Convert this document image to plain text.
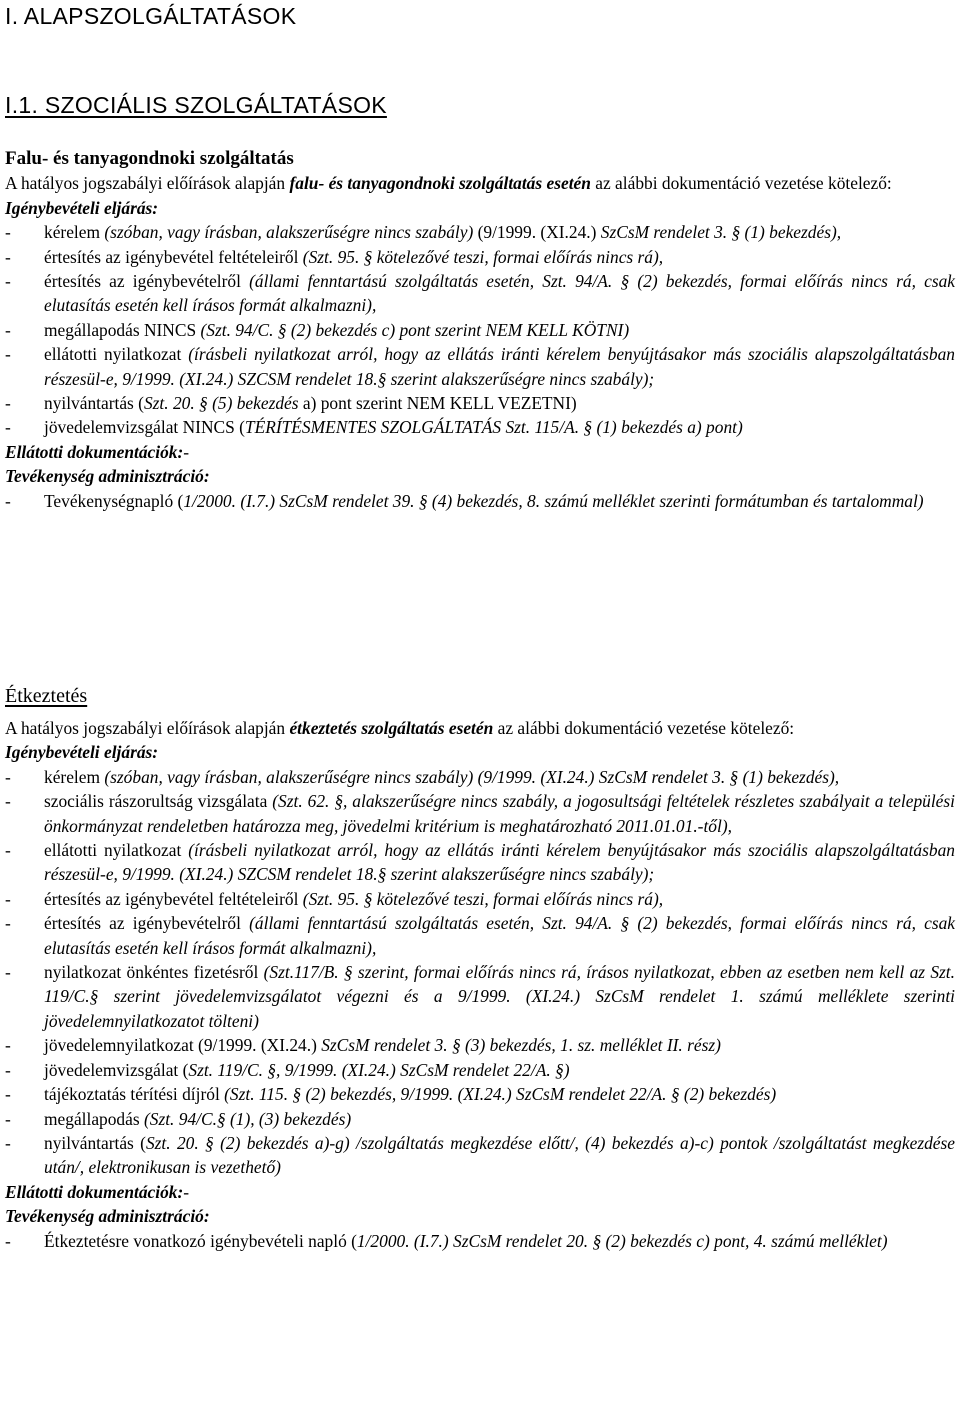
I. ALAPSZOLGÁLTATÁSOK
I.1. SZOCIÁLIS SZOLGÁLTATÁSOK
Falu- és tanyagondnoki szolgáltatás
A hatályos jogszabályi előírások alapján falu- és tanyagondnoki szolgáltatás esetén az alábbi dokumentáció vezetése kötelező:
Igénybevételi eljárás:
- kérelem (szóban, vagy írásban, alakszerűségre nincs szabály) (9/1999. (XI.24.) SzCsM rendelet 3. § (1) bekezdés),
- értesítés az igénybevétel feltételeiről (Szt. 95. § kötelezővé teszi, formai előírás nincs rá),
- értesítés az igénybevételről (állami fenntartású szolgáltatás esetén, Szt. 94/A. § (2) bekezdés, formai előírás nincs rá, csak elutasítás esetén kell írásos formát alkalmazni),
- megállapodás NINCS (Szt. 94/C. § (2) bekezdés c) pont szerint NEM KELL KÖTNI)
- ellátotti nyilatkozat (írásbeli nyilatkozat arról, hogy az ellátás iránti kérelem benyújtásakor más szociális alapszolgáltatásban részesül-e, 9/1999. (XI.24.) SZCSM rendelet 18.§ szerint alakszerűségre nincs szabály);
- nyilvántartás (Szt. 20. § (5) bekezdés a) pont szerint NEM KELL VEZETNI)
- jövedelemvizsgálat NINCS (TÉRÍTÉSMENTES SZOLGÁLTATÁS Szt. 115/A. § (1) bekezdés a) pont)
Ellátotti dokumentációk:-
Tevékenység adminisztráció:
- Tevékenységnapló (1/2000. (I.7.) SzCsM rendelet 39. § (4) bekezdés, 8. számú melléklet szerinti formátumban és tartalommal)
Étkeztetés
A hatályos jogszabályi előírások alapján étkeztetés szolgáltatás esetén az alábbi dokumentáció vezetése kötelező:
Igénybevételi eljárás:
- kérelem (szóban, vagy írásban, alakszerűségre nincs szabály) (9/1999. (XI.24.) SzCsM rendelet 3. § (1) bekezdés),
- szociális rászorultság vizsgálata (Szt. 62. §, alakszerűségre nincs szabály, a jogosultsági feltételek részletes szabályait a települési önkormányzat rendeletben határozza meg, jövedelmi kritérium is meghatározható 2011.01.01.-től),
- ellátotti nyilatkozat (írásbeli nyilatkozat arról, hogy az ellátás iránti kérelem benyújtásakor más szociális alapszolgáltatásban részesül-e, 9/1999. (XI.24.) SZCSM rendelet 18.§ szerint alakszerűségre nincs szabály);
- értesítés az igénybevétel feltételeiről (Szt. 95. § kötelezővé teszi, formai előírás nincs rá),
- értesítés az igénybevételről (állami fenntartású szolgáltatás esetén, Szt. 94/A. § (2) bekezdés, formai előírás nincs rá, csak elutasítás esetén kell írásos formát alkalmazni),
- nyilatkozat önkéntes fizetésről (Szt.117/B. § szerint, formai előírás nincs rá, írásos nyilatkozat, ebben az esetben nem kell az Szt. 119/C.§ szerint jövedelemvizsgálatot végezni és a 9/1999. (XI.24.) SzCsM rendelet 1. számú melléklete szerinti jövedelemnyilatkozatot tölteni)
- jövedelemnyilatkozat (9/1999. (XI.24.) SzCsM rendelet 3. § (3) bekezdés, 1. sz. melléklet II. rész)
- jövedelemvizsgálat (Szt. 119/C. §, 9/1999. (XI.24.) SzCsM rendelet 22/A. §)
- tájékoztatás térítési díjról (Szt. 115. § (2) bekezdés, 9/1999. (XI.24.) SzCsM rendelet 22/A. § (2) bekezdés)
- megállapodás (Szt. 94/C.§ (1), (3) bekezdés)
- nyilvántartás (Szt. 20. § (2) bekezdés a)-g) /szolgáltatás megkezdése előtt/, (4) bekezdés a)-c) pontok /szolgáltatást megkezdése után/, elektronikusan is vezethető)
Ellátotti dokumentációk:-
Tevékenység adminisztráció:
- Étkeztetésre vonatkozó igénybevételi napló (1/2000. (I.7.) SzCsM rendelet 20. § (2) bekezdés c) pont, 4. számú melléklet)
